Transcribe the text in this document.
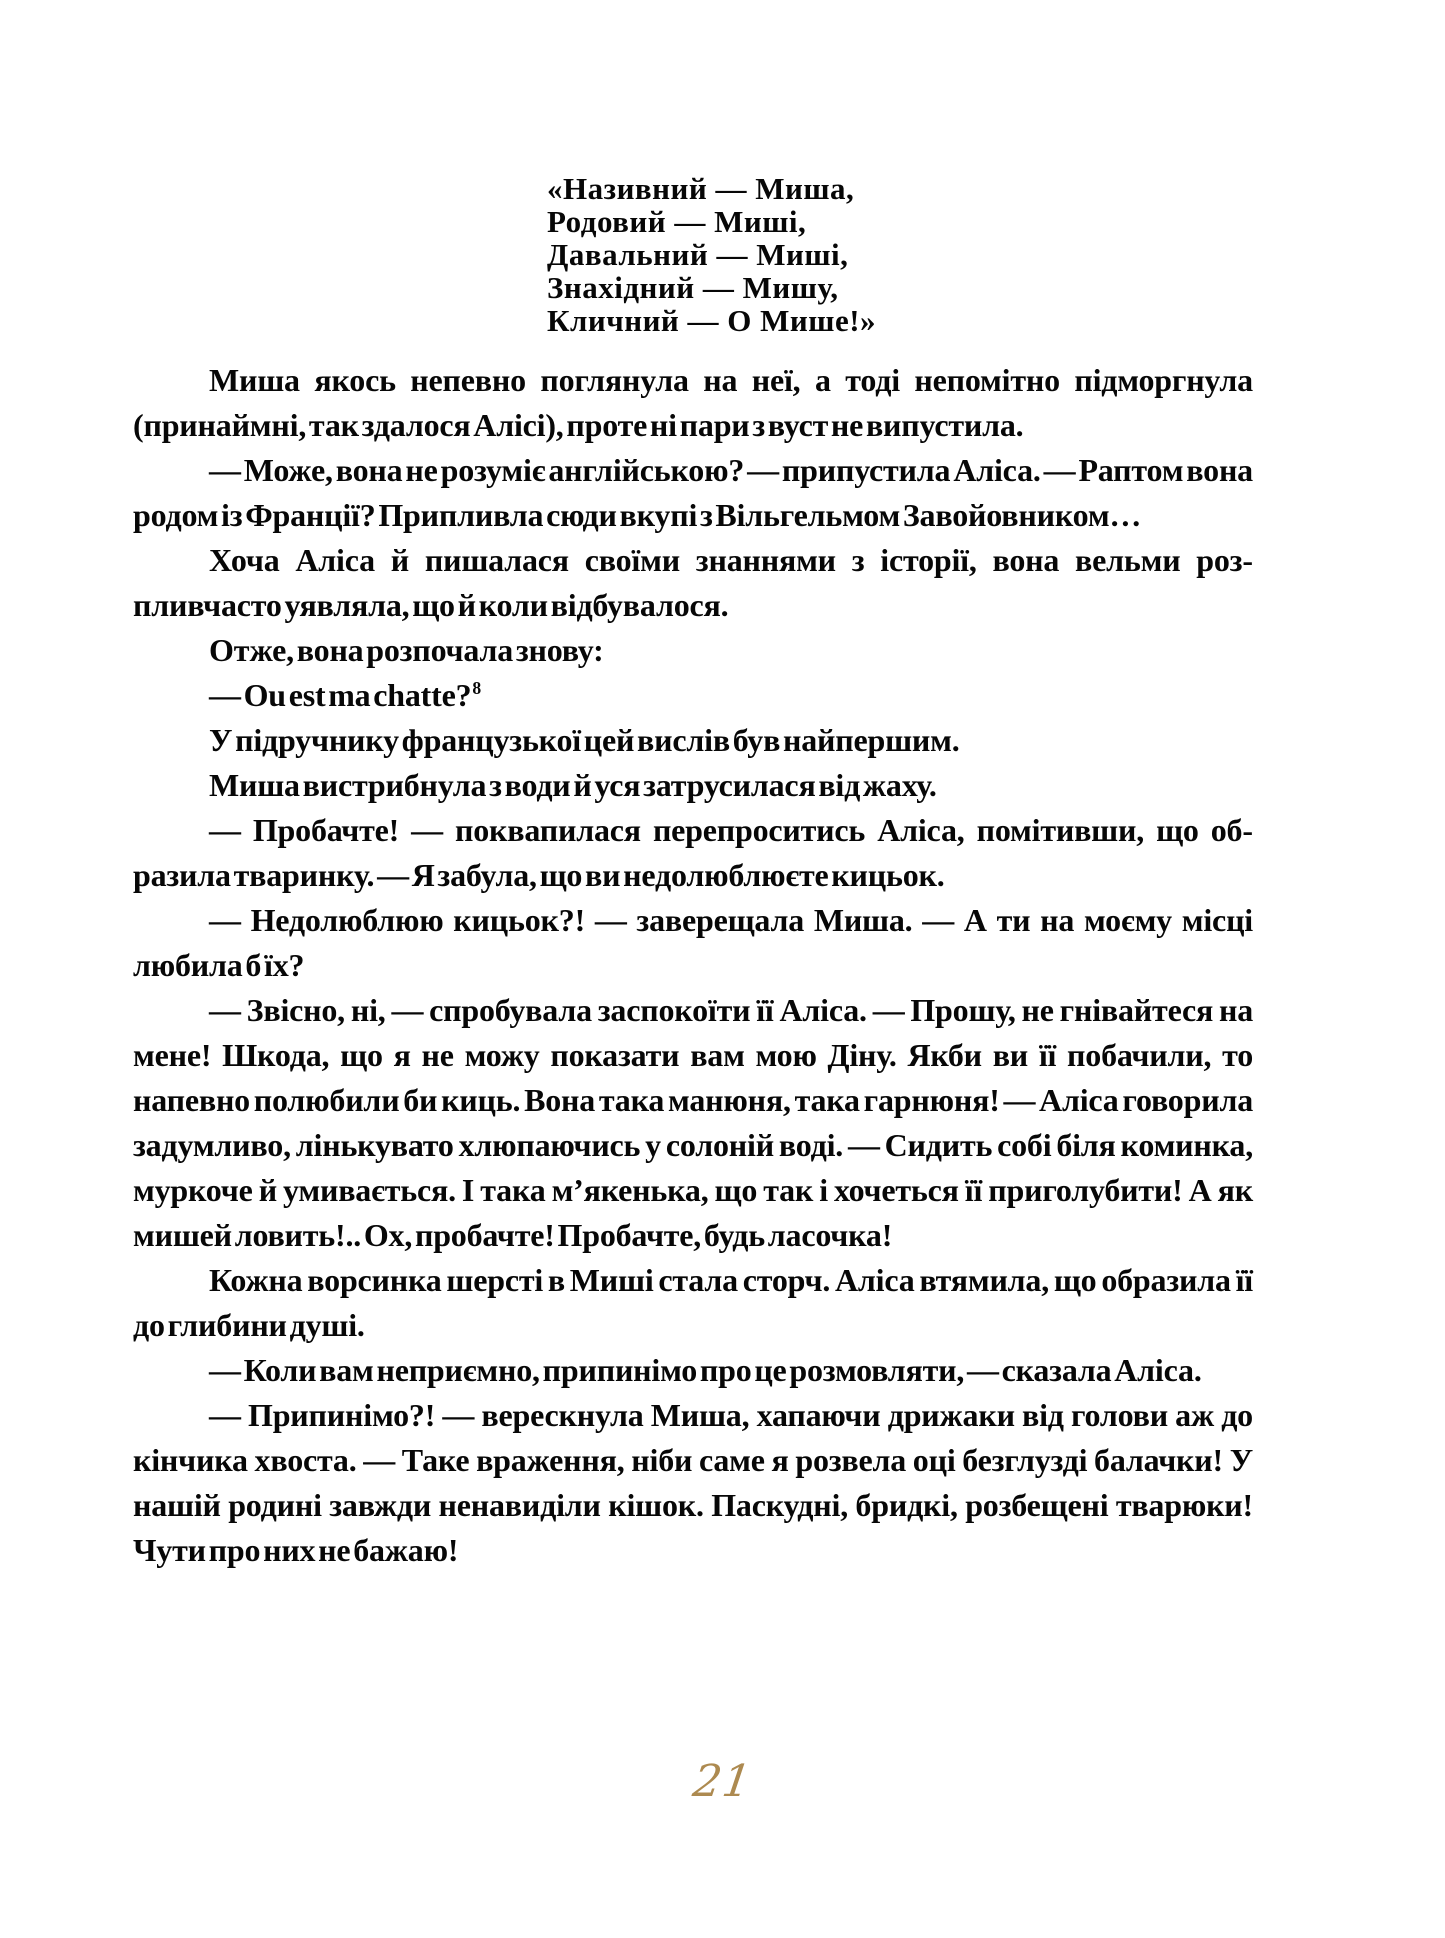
«Називний — Миша,
Родовий — Миші,
Давальний — Миші,
Знахідний — Мишу,
Кличний — О Мише!»

Миша якось непевно поглянула на неї, а тоді непомітно підморгнула (принаймні, так здалося Алісі), проте ні пари з вуст не випустила.

— Може, вона не розуміє англійською? — припустила Аліса. — Раптом вона родом із Франції? Припливла сюди вкупі з Вільгельмом Завойовником…

Хоча Аліса й пишалася своїми знаннями з історії, вона вельми розпливчасто уявляла, що й коли відбувалося.

Отже, вона розпочала знову:

— Ou est ma chatte?$^8$

У підручнику французької цей вислів був найпершим.

Миша вистрибнула з води й уся затрусилася від жаху.

— Пробачте! — поквапилася перепроситись Аліса, помітивши, що образила тваринку. — Я забула, що ви недолюблюєте кицьок.

— Недолюблюю кицьок?! — заверещала Миша. — А ти на моєму місці любила б їх?

— Звісно, ні, — спробувала заспокоїти її Аліса. — Прошу, не гнівайтеся на мене! Шкода, що я не можу показати вам мою Діну. Якби ви її побачили, то напевно полюбили би киць. Вона така манюня, така гарнюня! — Аліса говорила задумливо, лінькувато хлюпаючись у солоній воді. — Сидить собі біля коминка, муркоче й умивається. І така м’якенька, що так і хочеться її приголубити! А як мишей ловить!.. Ох, пробачте! Пробачте, будь ласочка!

Кожна ворсинка шерсті в Миші стала сторч. Аліса втямила, що образила її до глибини душі.

— Коли вам неприємно, припинімо про це розмовляти, — сказала Аліса.

— Припинімо?! — верескнула Миша, хапаючи дрижаки від голови аж до кінчика хвоста. — Таке враження, ніби саме я розвела оці безглузді балачки! У нашій родині завжди ненавиділи кішок. Паскудні, бридкі, розбещені тварюки! Чути про них не бажаю!

21
